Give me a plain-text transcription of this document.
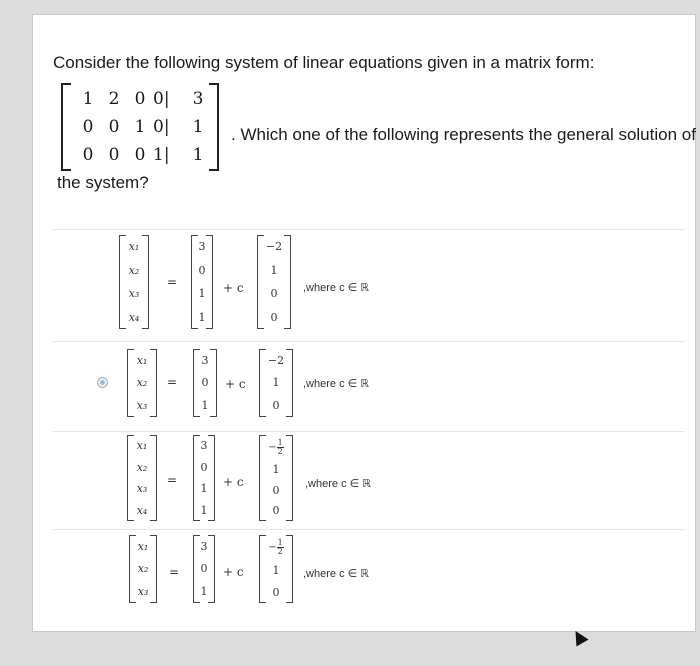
Consider the following system of linear equations given in a matrix form:
1 2 0 0|	3
0 0 1 0|	1
0 0 0 1|	1
. Which one of the following represents the general solution of
the system?
x₁
x₂
x₃
x₄
=
3
0
1
1
+ c
−2
1
0
0
,where c ∈ ℝ
x₁
x₂
x₃
=
3
0
1
+ c
−2
1
0
,where c ∈ ℝ
x₁
x₂
x₃
x₄
=
3
0
1
1
+ c
− $\frac{1}{2}$
1
0
0
,where c ∈ ℝ
x₁
x₂
x₃
=
3
0
1
+ c
− $\frac{1}{2}$
1
0
,where c ∈ ℝ
